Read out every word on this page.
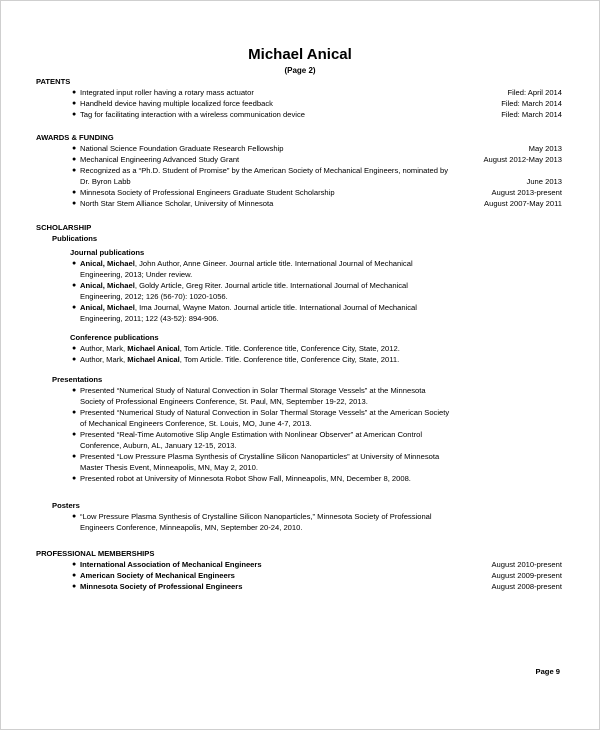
Michael Anical
(Page 2)
PATENTS
● Integrated input roller having a rotary mass actuator	Filed: April 2014
● Handheld device having multiple localized force feedback	Filed: March 2014
● Tag for facilitating interaction with a wireless communication device	Filed: March 2014
AWARDS & FUNDING
● National Science Foundation Graduate Research Fellowship	May 2013
● Mechanical Engineering Advanced Study Grant	August 2012-May 2013
● Recognized as a “Ph.D. Student of Promise” by the American Society of Mechanical Engineers, nominated by
Dr. Byron Labb	June 2013
● Minnesota Society of Professional Engineers Graduate Student Scholarship	August 2013-present
● North Star Stem Alliance Scholar, University of Minnesota	August 2007-May 2011
SCHOLARSHIP
Publications
Journal publications
● Anical, Michael, John Author, Anne Gineer. Journal article title. International Journal of Mechanical
Engineering, 2013; Under review.
● Anical, Michael, Goldy Article, Greg Riter. Journal article title. International Journal of Mechanical
Engineering, 2012; 126 (56-70): 1020-1056.
● Anical, Michael, Ima Journal, Wayne Maton. Journal article title. International Journal of Mechanical
Engineering, 2011; 122 (43-52): 894-906.
Conference publications
● Author, Mark, Michael Anical, Tom Article. Title. Conference title, Conference City, State, 2012.
● Author, Mark, Michael Anical, Tom Article. Title. Conference title, Conference City, State, 2011.
Presentations
● Presented “Numerical Study of Natural Convection in Solar Thermal Storage Vessels” at the Minnesota
Society of Professional Engineers Conference, St. Paul, MN, September 19-22, 2013.
● Presented “Numerical Study of Natural Convection in Solar Thermal Storage Vessels” at the American Society
of Mechanical Engineers Conference, St. Louis, MO, June 4-7, 2013.
● Presented “Real-Time Automotive Slip Angle Estimation with Nonlinear Observer” at American Control
Conference, Auburn, AL, January 12-15, 2013.
● Presented “Low Pressure Plasma Synthesis of Crystalline Silicon Nanoparticles” at University of Minnesota
Master Thesis Event, Minneapolis, MN, May 2, 2010.
● Presented robot at University of Minnesota Robot Show Fall, Minneapolis, MN, December 8, 2008.
Posters
● “Low Pressure Plasma Synthesis of Crystalline Silicon Nanoparticles,” Minnesota Society of Professional
Engineers Conference, Minneapolis, MN, September 20-24, 2010.
PROFESSIONAL MEMBERSHIPS
● International Association of Mechanical Engineers	August 2010-present
● American Society of Mechanical Engineers	August 2009-present
● Minnesota Society of Professional Engineers	August 2008-present
Page 9
